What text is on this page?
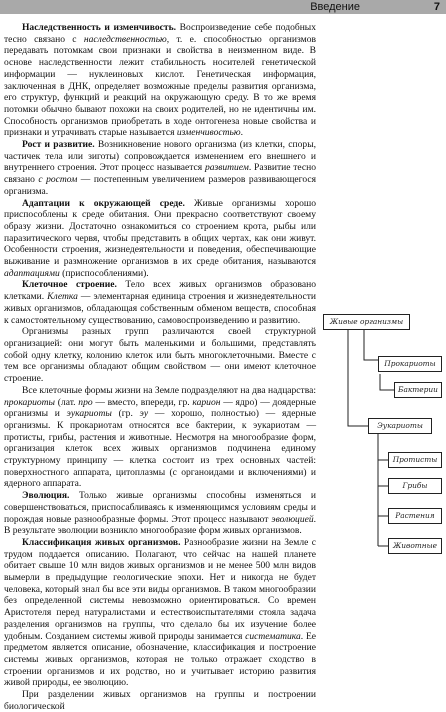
Введение	7

Наследственность и изменчивость. Воспроизведение себе подобных тесно связано с наследственностью, т. е. способностью организмов передавать потомкам свои признаки и свойства в неизменном виде. В основе наследственности лежит стабильность носителей генетической информации — нуклеиновых кислот. Генетическая информация, заключенная в ДНК, определяет возможные пределы развития организма, его структур, функций и реакций на окружающую среду. В то же время потомки обычно бывают похожи на своих родителей, но не идентичны им. Способность организмов приобретать в ходе онтогенеза новые свойства и признаки и утрачивать старые называется изменчивостью.

Рост и развитие. Возникновение нового организма (из клетки, споры, частичек тела или зиготы) сопровождается изменением его внешнего и внутреннего строения. Этот процесс называется развитием. Развитие тесно связано с ростом — постепенным увеличением размеров развивающегося организма.

Адаптации к окружающей среде. Живые организмы хорошо приспособлены к среде обитания. Они прекрасно соответствуют своему образу жизни. Достаточно ознакомиться со строением крота, рыбы или паразитического червя, чтобы представить в общих чертах, как они живут. Особенности строения, жизнедеятельности и поведения, обеспечивающие выживание и размножение организмов в их среде обитания, называются адаптациями (приспособлениями).

Клеточное строение. Тело всех живых организмов образовано клетками. Клетка — элементарная единица строения и жизнедеятельности живых организмов, обладающая собственным обменом веществ, способная к самостоятельному существованию, самовоспроизведению и развитию.

Организмы разных групп различаются своей структурной организацией: они могут быть маленькими и большими, представлять собой одну клетку, колонию клеток или быть многоклеточными. Вместе с тем все организмы обладают общим свойством — они имеют клеточное строение.

Все клеточные формы жизни на Земле подразделяют на два надцарства: прокариоты (лат. про — вместо, впереди, гр. карион — ядро) — доядерные организмы и эукариоты (гр. эу — хорошо, полностью) — ядерные организмы. К прокариотам относятся все бактерии, к эукариотам — протисты, грибы, растения и животные. Несмотря на многообразие форм, организация клеток всех живых организмов подчинена единому структурному принципу — клетка состоит из трех основных частей: поверхностного аппарата, цитоплазмы (с органоидами и включениями) и ядерного аппарата.

Эволюция. Только живые организмы способны изменяться и совершенствоваться, приспосабливаясь к изменяющимся условиям среды и порождая новые разнообразные формы. Этот процесс называют эволюцией. В результате эволюции возникло многообразие форм живых организмов.

Классификация живых организмов. Разнообразие жизни на Земле с трудом поддается описанию. Полагают, что сейчас на нашей планете обитает свыше 10 млн видов живых организмов и не менее 500 млн видов вымерли в предыдущие геологические эпохи. Нет и никогда не будет человека, который знал бы все эти виды организмов. В таком многообразии без определенной системы невозможно ориентироваться. Со времен Аристотеля перед натуралистами и естествоиспытателями стояла задача разделения организмов на группы, что сделало бы их изучение более удобным. Созданием системы живой природы занимается систематика. Ее предметом является описание, обозначение, классификация и построение системы живых организмов, которая не только отражает сходство в строении организмов и их родство, но и учитывает историю развития живой природы, ее эволюцию.

При разделении живых организмов на группы и построении биологической

Живые организмы
Прокариоты
Бактерии
Эукариоты
Протисты
Грибы
Растения
Животные
